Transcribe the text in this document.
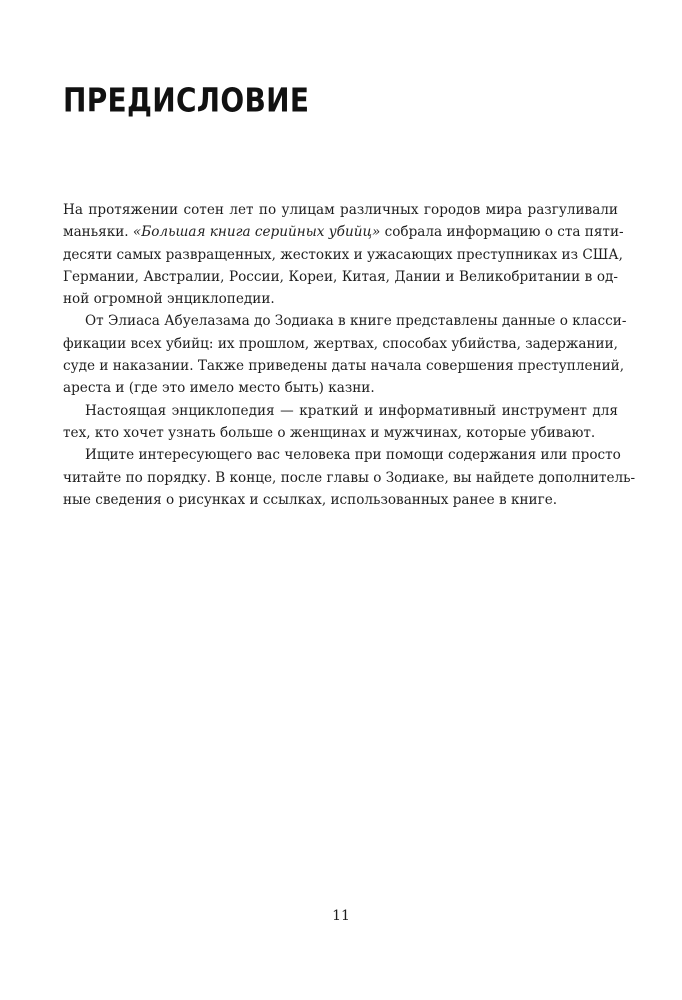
ПРЕДИСЛОВИЕ
На протяжении сотен лет по улицам различных городов мира разгуливали
маньяки. «Большая книга серийных убийц» собрала информацию о ста пяти-
десяти самых развращенных, жестоких и ужасающих преступниках из США,
Германии, Австралии, России, Кореи, Китая, Дании и Великобритании в од-
ной огромной энциклопедии.
От Элиаса Абуелазама до Зодиака в книге представлены данные о класси-
фикации всех убийц: их прошлом, жертвах, способах убийства, задержании,
суде и наказании. Также приведены даты начала совершения преступлений,
ареста и (где это имело место быть) казни.
Настоящая энциклопедия — краткий и информативный инструмент для
тех, кто хочет узнать больше о женщинах и мужчинах, которые убивают.
Ищите интересующего вас человека при помощи содержания или просто
читайте по порядку. В конце, после главы о Зодиаке, вы найдете дополнитель-
ные сведения о рисунках и ссылках, использованных ранее в книге.
11
